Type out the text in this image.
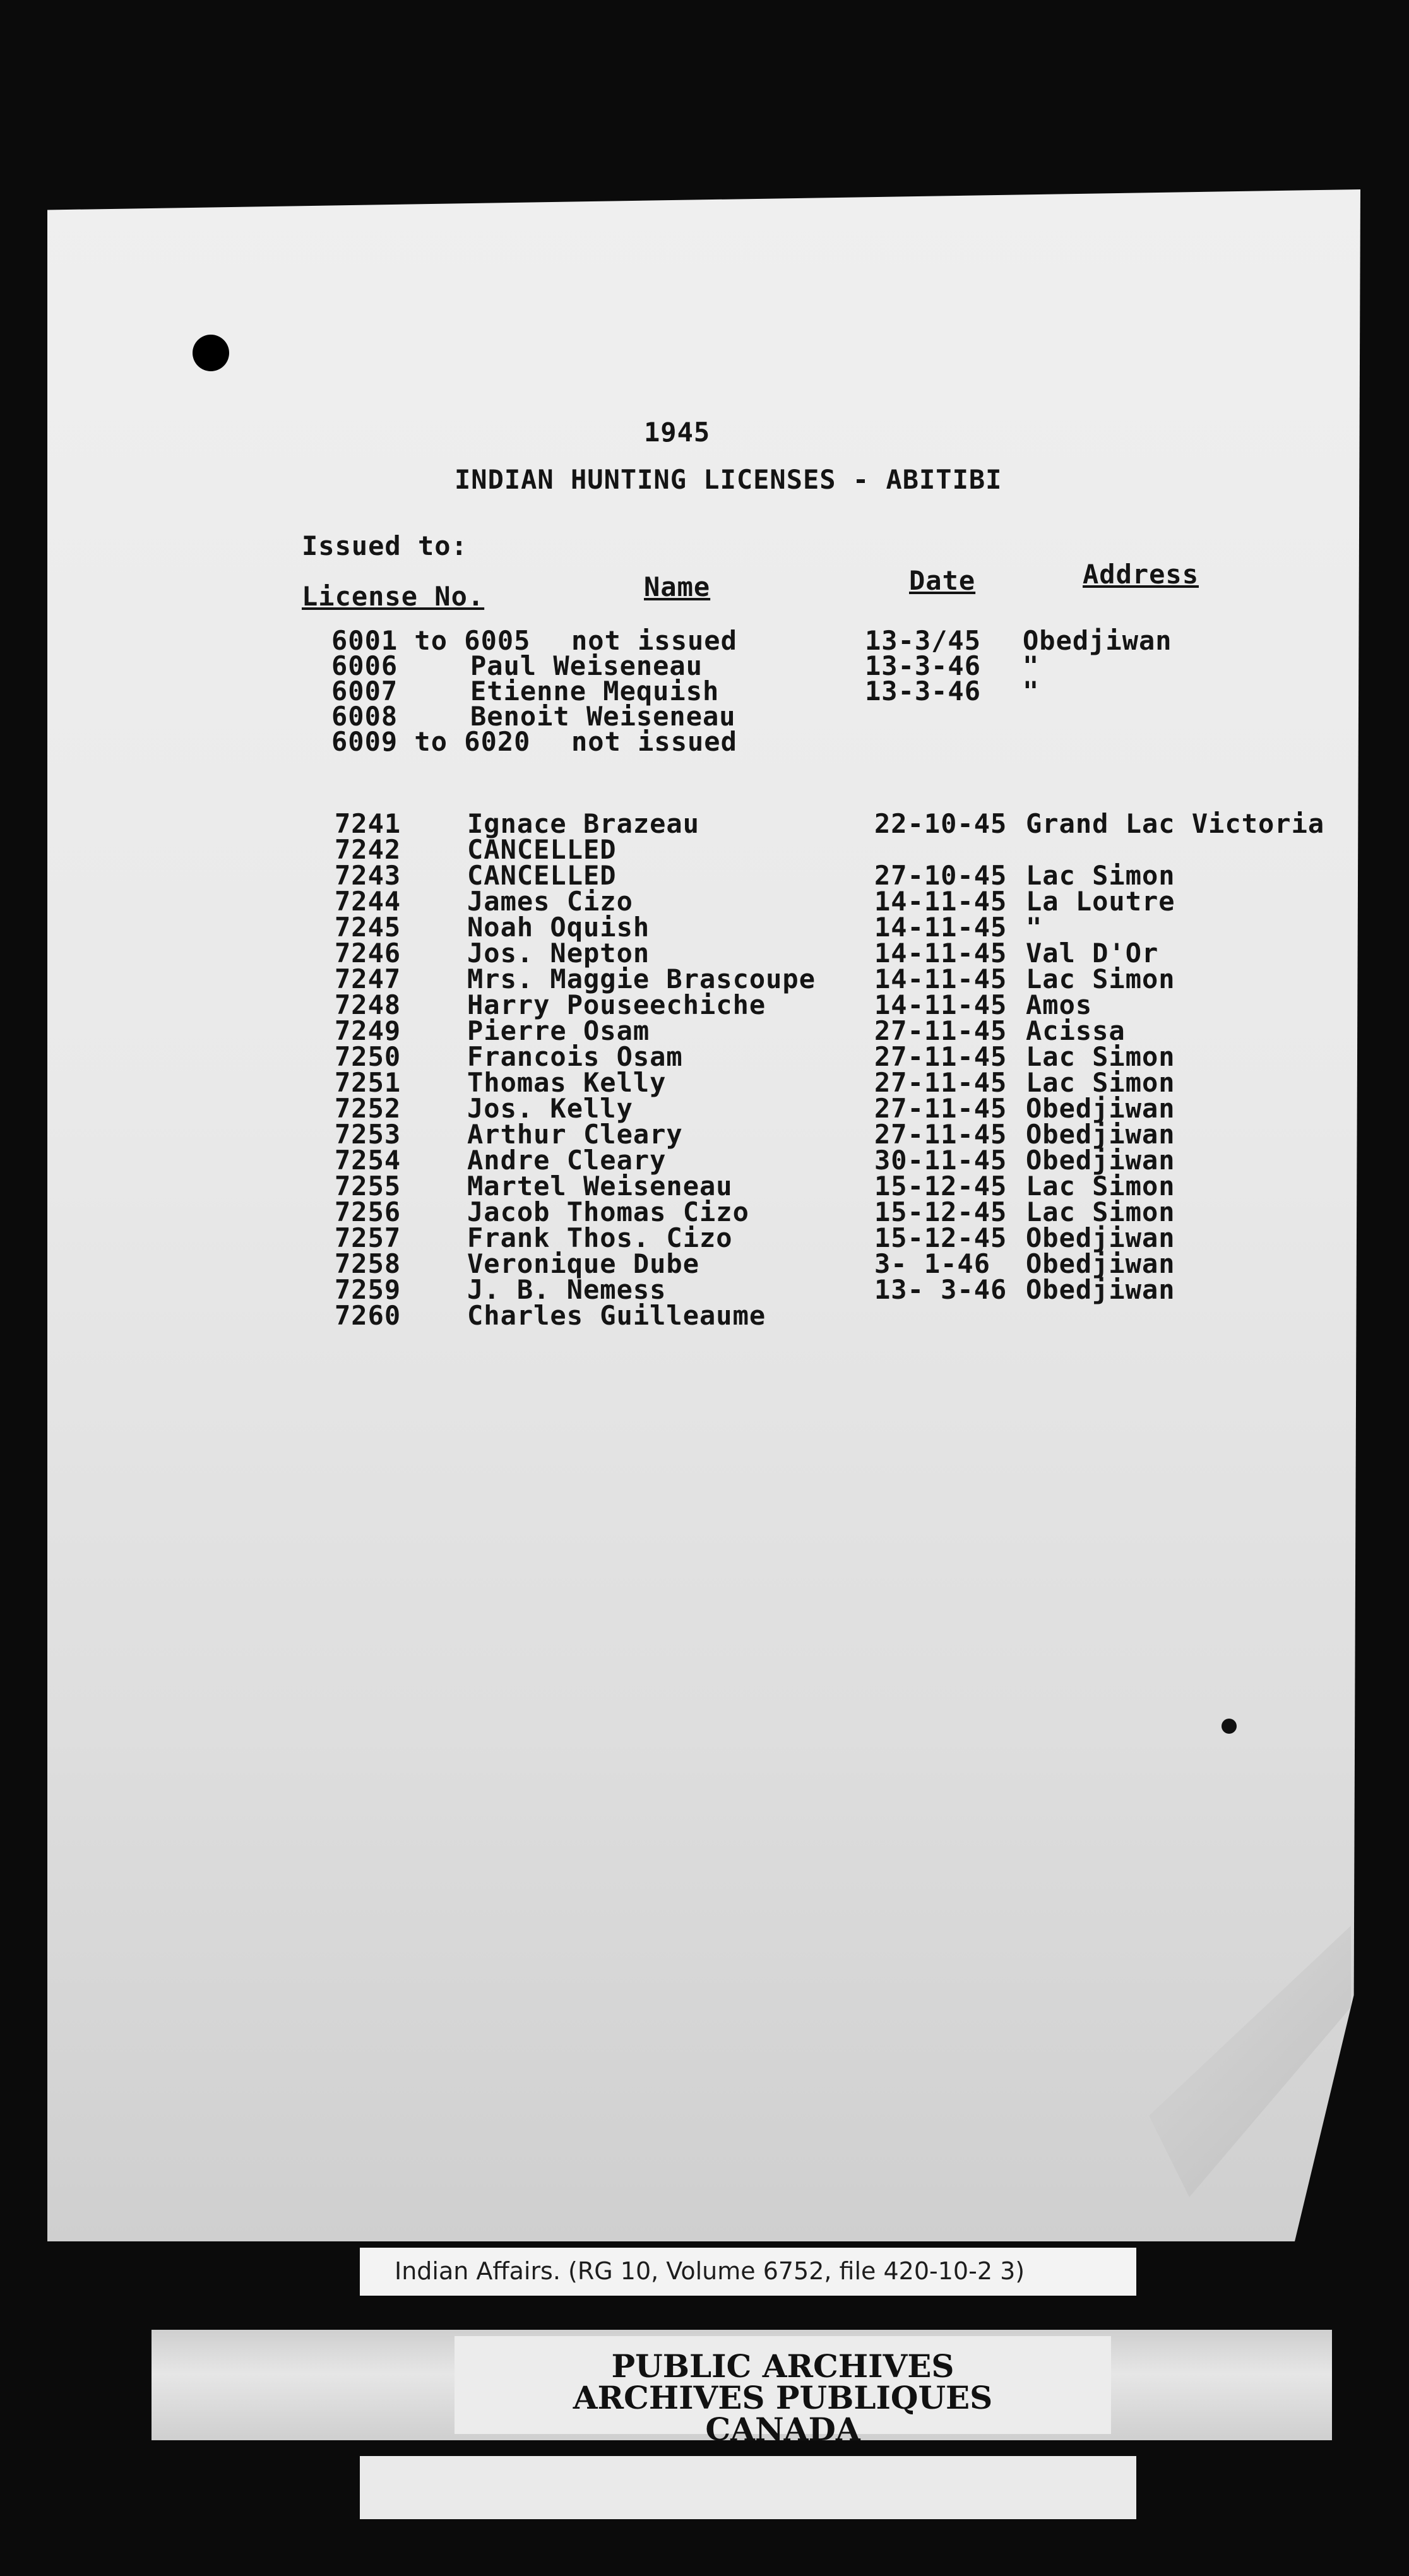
1945
INDIAN HUNTING LICENSES - ABITIBI
Issued to:
License No.	Name	Date	Address
6001 to 6005 not issued	13-3/45 Obedjiwan
6006	Paul Weiseneau	13-3-46 "
6007	Etienne Mequish	13-3-46 "
6008	Benoit Weiseneau
6009 to 6020 not issued
7241 Ignace Brazeau	22-10-45 Grand Lac Victoria
7242 CANCELLED
7243 CANCELLED	27-10-45 Lac Simon
7244 James Cizo	14-11-45 La Loutre
7245 Noah Oquish	14-11-45 "
7246 Jos. Nepton	14-11-45 Val D'Or
7247 Mrs. Maggie Brascoupe 14-11-45 Lac Simon
7248 Harry Pouseechiche	14-11-45 Amos
7249 Pierre Osam	27-11-45 Acissa
7250 Francois Osam	27-11-45 Lac Simon
7251 Thomas Kelly	27-11-45 Lac Simon
7252 Jos. Kelly	27-11-45 Obedjiwan
7253 Arthur Cleary	27-11-45 Obedjiwan
7254 Andre Cleary	30-11-45 Obedjiwan
7255 Martel Weiseneau	15-12-45 Lac Simon
7256 Jacob Thomas Cizo	15-12-45 Lac Simon
7257 Frank Thos. Cizo	15-12-45 Obedjiwan
7258 Veronique Dube	3- 1-46 Obedjiwan
7259 J. B. Nemess	13- 3-46 Obedjiwan
7260 Charles Guilleaume
Indian Affairs. (RG 10, Volume 6752, file 420-10-2 3)
PUBLIC ARCHIVES
ARCHIVES PUBLIQUES
CANADA
